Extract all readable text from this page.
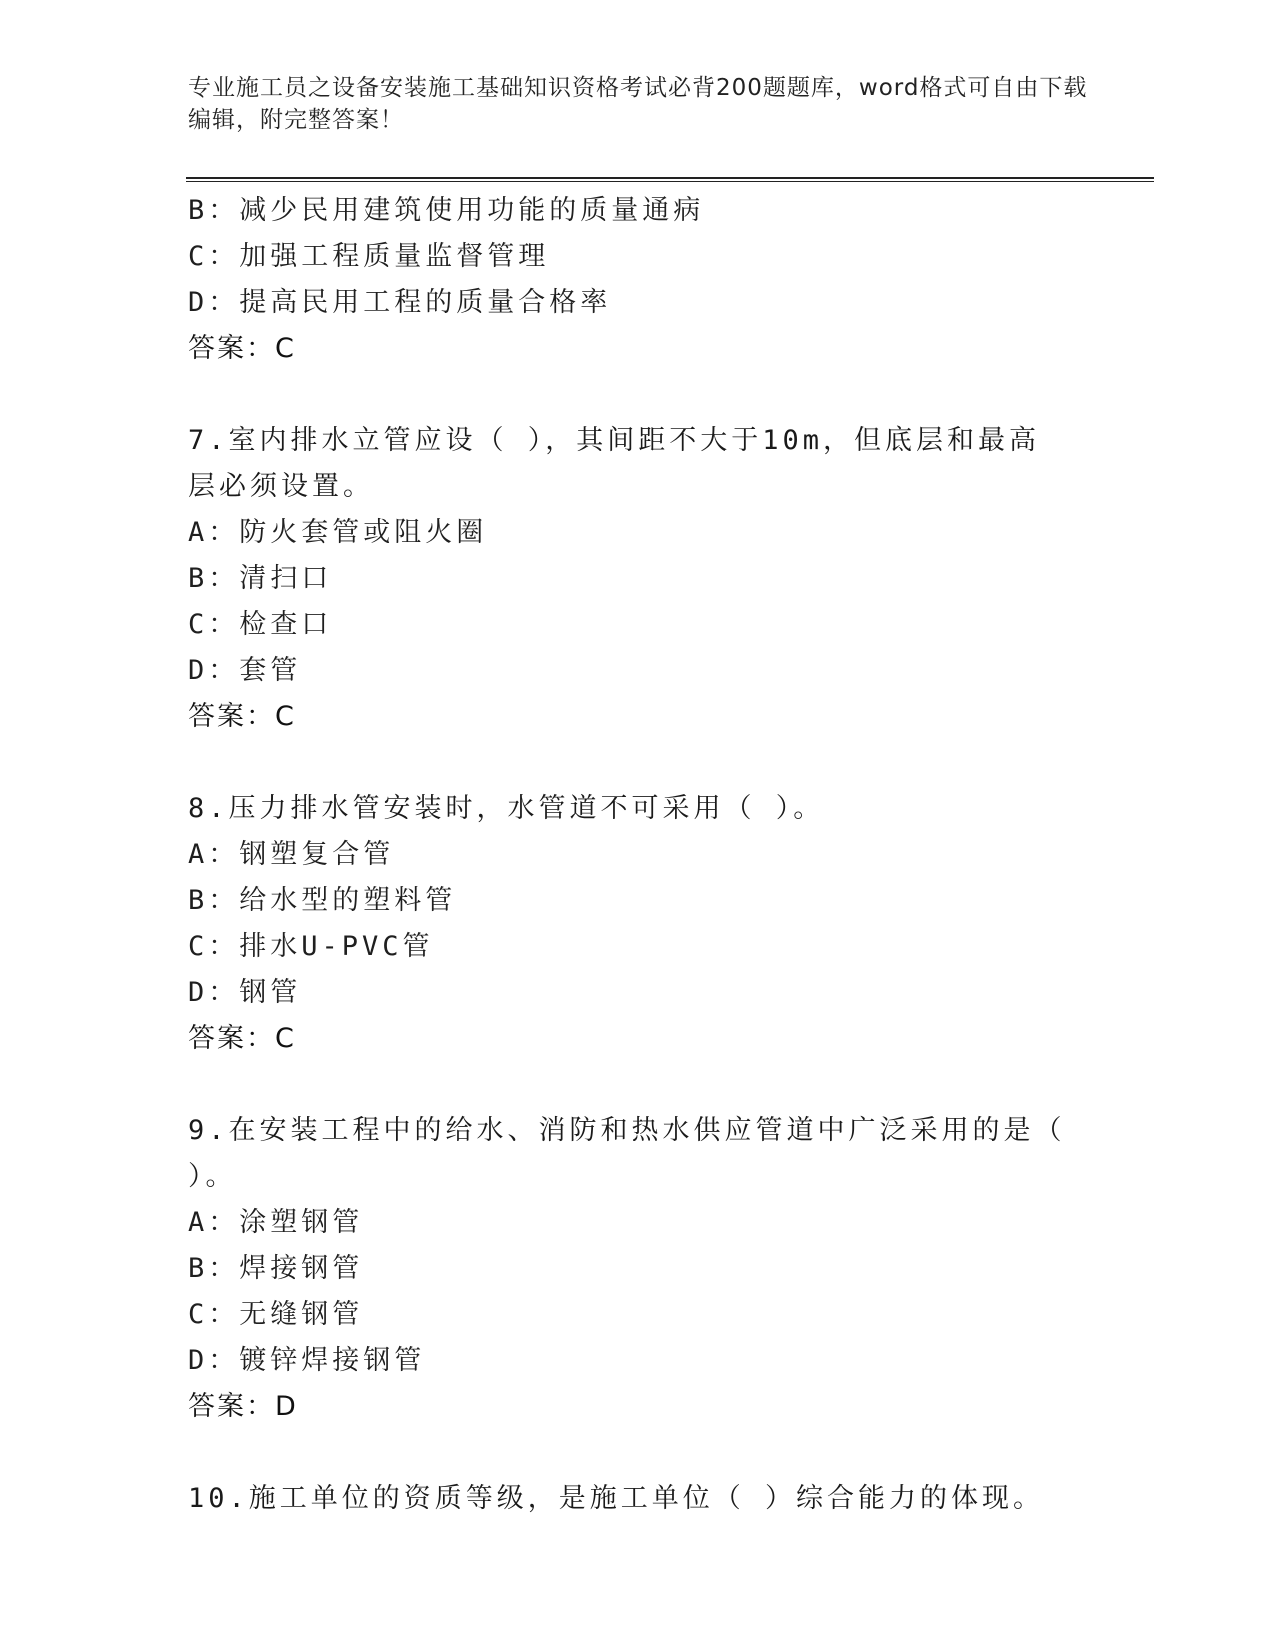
专业施工员之设备安装施工基础知识资格考试必背200题题库，word格式可自由下载编辑，附完整答案！
B：减少民用建筑使用功能的质量通病
C：加强工程质量监督管理
D：提高民用工程的质量合格率
答案：C
7.室内排水立管应设（ ），其间距不大于10m，但底层和最高层必须设置。
A：防火套管或阻火圈
B：清扫口
C：检查口
D：套管
答案：C
8.压力排水管安装时，水管道不可采用（ ）。
A：钢塑复合管
B：给水型的塑料管
C：排水U-PVC管
D：钢管
答案：C
9.在安装工程中的给水、消防和热水供应管道中广泛采用的是（ ）。
A：涂塑钢管
B：焊接钢管
C：无缝钢管
D：镀锌焊接钢管
答案：D
10.施工单位的资质等级，是施工单位（ ）综合能力的体现。
